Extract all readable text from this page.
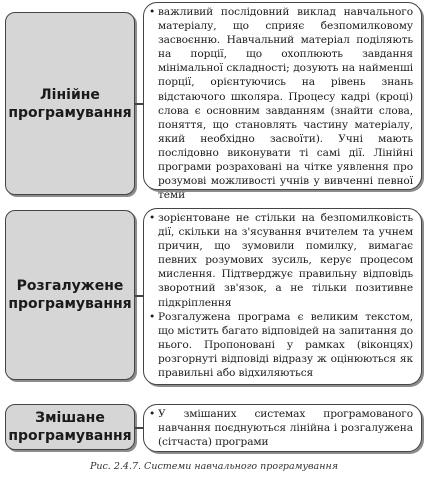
Лінійне
програмування

• важливий послідовний виклад навчального матеріалу, що сприяє безпомилковому засвоєнню. Навчальний матеріал поділяють на порції, що охоплюють завдання мінімальної складності; дозують на найменші порції, орієнтуючись на рівень знань відстаючого школяра. Процесу кадрі (кроці) слова є основним завданням (знайти слова, поняття, що становлять частину матеріалу, який необхідно засвоїти). Учні мають послідовно виконувати ті самі дії. Лінійні програми розраховані на чітке уявлення про розумові можливості учнів у вивченні певної теми

Розгалужене
програмування

• зорієнтоване не стільки на безпомилковість дії, скільки на з'ясування вчителем та учнем причин, що зумовили помилку, вимагає певних розумових зусиль, керує процесом мислення. Підтверджує правильну відповідь зворотний зв'язок, а не тільки позитивне підкріплення

• Розгалужена програма є великим текстом, що містить багато відповідей на запитання до нього. Пропоновані у рамках (віконцях) розгорнуті відповіді відразу ж оцінюються як правильні або відхиляються

Змішане
програмування

• У змішаних системах програмованого навчання поєднуються лінійна і розгалужена (сітчаста) програми

Рис. 2.4.7. Системи навчального програмування
